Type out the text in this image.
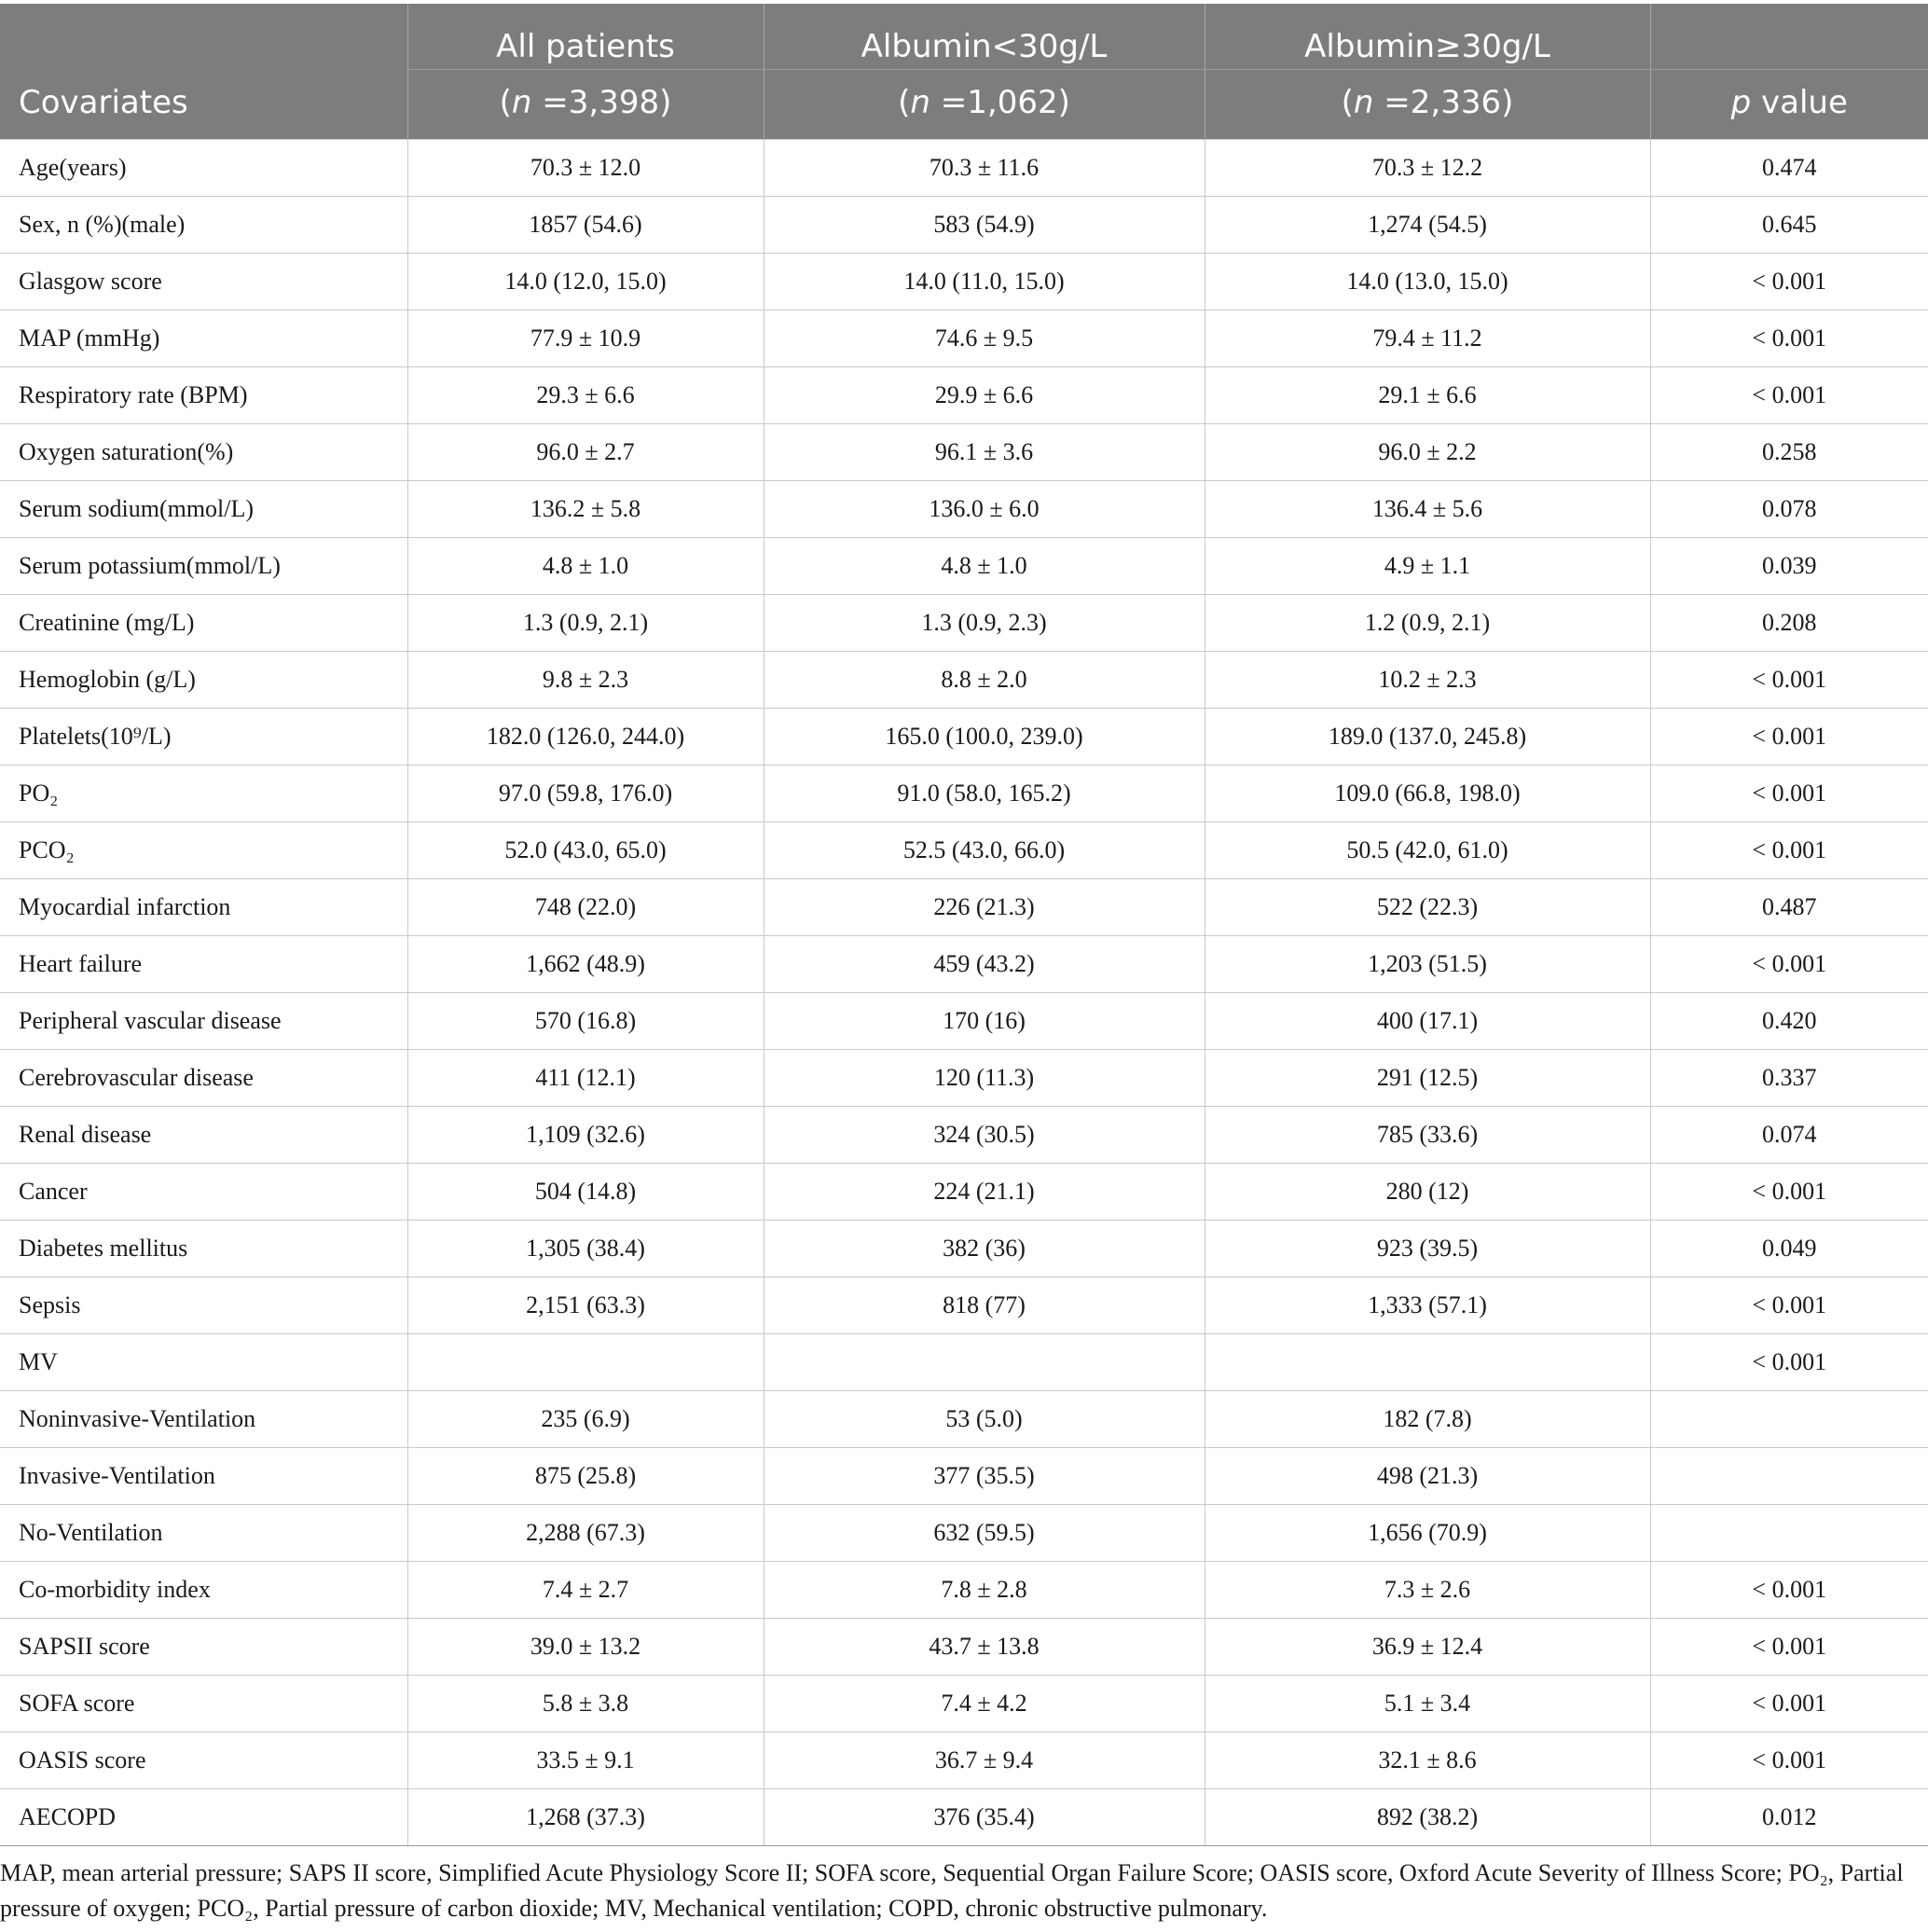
	All patients	Albumin<30g/L	Albumin≥30g/L	
Covariates	(n =3,398)	(n =1,062)	(n =2,336)	p value
Age(years)	70.3 ± 12.0	70.3 ± 11.6	70.3 ± 12.2	0.474
Sex, n (%)(male)	1857 (54.6)	583 (54.9)	1,274 (54.5)	0.645
Glasgow score	14.0 (12.0, 15.0)	14.0 (11.0, 15.0)	14.0 (13.0, 15.0)	< 0.001
MAP (mmHg)	77.9 ± 10.9	74.6 ± 9.5	79.4 ± 11.2	< 0.001
Respiratory rate (BPM)	29.3 ± 6.6	29.9 ± 6.6	29.1 ± 6.6	< 0.001
Oxygen saturation(%)	96.0 ± 2.7	96.1 ± 3.6	96.0 ± 2.2	0.258
Serum sodium(mmol/L)	136.2 ± 5.8	136.0 ± 6.0	136.4 ± 5.6	0.078
Serum potassium(mmol/L)	4.8 ± 1.0	4.8 ± 1.0	4.9 ± 1.1	0.039
Creatinine (mg/L)	1.3 (0.9, 2.1)	1.3 (0.9, 2.3)	1.2 (0.9, 2.1)	0.208
Hemoglobin (g/L)	9.8 ± 2.3	8.8 ± 2.0	10.2 ± 2.3	< 0.001
Platelets(10⁹/L)	182.0 (126.0, 244.0)	165.0 (100.0, 239.0)	189.0 (137.0, 245.8)	< 0.001
PO₂	97.0 (59.8, 176.0)	91.0 (58.0, 165.2)	109.0 (66.8, 198.0)	< 0.001
PCO₂	52.0 (43.0, 65.0)	52.5 (43.0, 66.0)	50.5 (42.0, 61.0)	< 0.001
Myocardial infarction	748 (22.0)	226 (21.3)	522 (22.3)	0.487
Heart failure	1,662 (48.9)	459 (43.2)	1,203 (51.5)	< 0.001
Peripheral vascular disease	570 (16.8)	170 (16)	400 (17.1)	0.420
Cerebrovascular disease	411 (12.1)	120 (11.3)	291 (12.5)	0.337
Renal disease	1,109 (32.6)	324 (30.5)	785 (33.6)	0.074
Cancer	504 (14.8)	224 (21.1)	280 (12)	< 0.001
Diabetes mellitus	1,305 (38.4)	382 (36)	923 (39.5)	0.049
Sepsis	2,151 (63.3)	818 (77)	1,333 (57.1)	< 0.001
MV				< 0.001
Noninvasive-Ventilation	235 (6.9)	53 (5.0)	182 (7.8)	
Invasive-Ventilation	875 (25.8)	377 (35.5)	498 (21.3)	
No-Ventilation	2,288 (67.3)	632 (59.5)	1,656 (70.9)	
Co-morbidity index	7.4 ± 2.7	7.8 ± 2.8	7.3 ± 2.6	< 0.001
SAPSII score	39.0 ± 13.2	43.7 ± 13.8	36.9 ± 12.4	< 0.001
SOFA score	5.8 ± 3.8	7.4 ± 4.2	5.1 ± 3.4	< 0.001
OASIS score	33.5 ± 9.1	36.7 ± 9.4	32.1 ± 8.6	< 0.001
AECOPD	1,268 (37.3)	376 (35.4)	892 (38.2)	0.012
MAP, mean arterial pressure; SAPS II score, Simplified Acute Physiology Score II; SOFA score, Sequential Organ Failure Score; OASIS score, Oxford Acute Severity of Illness Score; PO₂, Partial pressure of oxygen; PCO₂, Partial pressure of carbon dioxide; MV, Mechanical ventilation; COPD, chronic obstructive pulmonary.
